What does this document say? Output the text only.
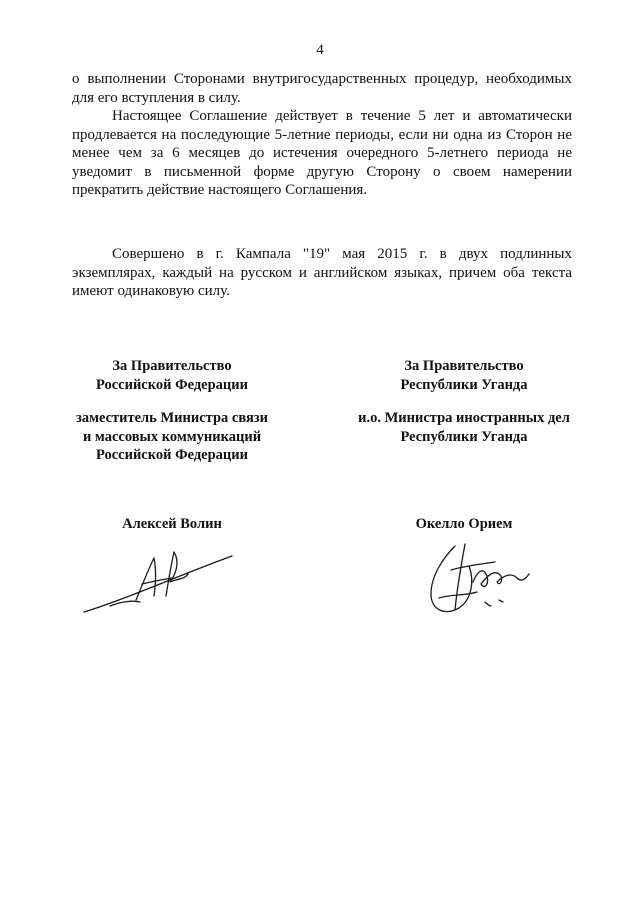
4

о выполнении Сторонами внутригосударственных процедур, необходимых для его вступления в силу.

Настоящее Соглашение действует в течение 5 лет и автоматически продлевается на последующие 5-летние периоды, если ни одна из Сторон не менее чем за 6 месяцев до истечения очередного 5-летнего периода не уведомит в письменной форме другую Сторону о своем намерении прекратить действие настоящего Соглашения.

Совершено в г. Кампала "19" мая 2015 г. в двух подлинных экземплярах, каждый на русском и английском языках, причем оба текста имеют одинаковую силу.

За Правительство
Российской Федерации
заместитель Министра связи
и массовых коммуникаций
Российской Федерации
За Правительство
Республики Уганда
и.о. Министра иностранных дел
Республики Уганда
Алексей Волин	Окелло Орием
